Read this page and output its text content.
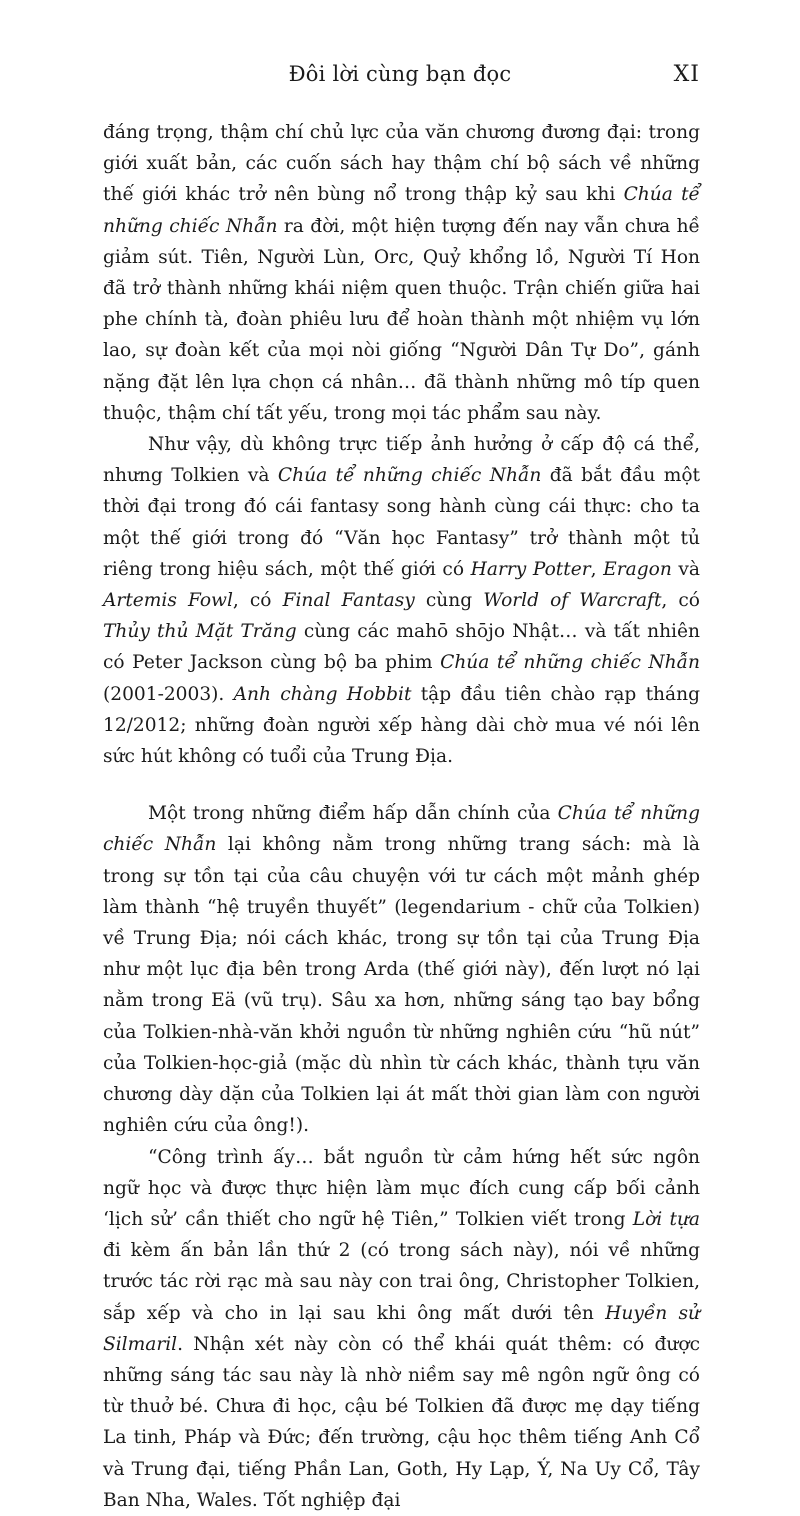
Đôi lời cùng bạn đọc	XI

đáng trọng, thậm chí chủ lực của văn chương đương đại: trong giới xuất bản, các cuốn sách hay thậm chí bộ sách về những thế giới khác trở nên bùng nổ trong thập kỷ sau khi Chúa tể những chiếc Nhẫn ra đời, một hiện tượng đến nay vẫn chưa hề giảm sút. Tiên, Người Lùn, Orc, Quỷ khổng lồ, Người Tí Hon đã trở thành những khái niệm quen thuộc. Trận chiến giữa hai phe chính tà, đoàn phiêu lưu để hoàn thành một nhiệm vụ lớn lao, sự đoàn kết của mọi nòi giống “Người Dân Tự Do”, gánh nặng đặt lên lựa chọn cá nhân… đã thành những mô típ quen thuộc, thậm chí tất yếu, trong mọi tác phẩm sau này.

Như vậy, dù không trực tiếp ảnh hưởng ở cấp độ cá thể, nhưng Tolkien và Chúa tể những chiếc Nhẫn đã bắt đầu một thời đại trong đó cái fantasy song hành cùng cái thực: cho ta một thế giới trong đó “Văn học Fantasy” trở thành một tủ riêng trong hiệu sách, một thế giới có Harry Potter, Eragon và Artemis Fowl, có Final Fantasy cùng World of Warcraft, có Thủy thủ Mặt Trăng cùng các mahō shōjo Nhật… và tất nhiên có Peter Jackson cùng bộ ba phim Chúa tể những chiếc Nhẫn (2001-2003). Anh chàng Hobbit tập đầu tiên chào rạp tháng 12/2012; những đoàn người xếp hàng dài chờ mua vé nói lên sức hút không có tuổi của Trung Địa.

Một trong những điểm hấp dẫn chính của Chúa tể những chiếc Nhẫn lại không nằm trong những trang sách: mà là trong sự tồn tại của câu chuyện với tư cách một mảnh ghép làm thành “hệ truyền thuyết” (legendarium - chữ của Tolkien) về Trung Địa; nói cách khác, trong sự tồn tại của Trung Địa như một lục địa bên trong Arda (thế giới này), đến lượt nó lại nằm trong Eä (vũ trụ). Sâu xa hơn, những sáng tạo bay bổng của Tolkien-nhà-văn khởi nguồn từ những nghiên cứu “hũ nút” của Tolkien-học-giả (mặc dù nhìn từ cách khác, thành tựu văn chương dày dặn của Tolkien lại át mất thời gian làm con người nghiên cứu của ông!).

“Công trình ấy… bắt nguồn từ cảm hứng hết sức ngôn ngữ học và được thực hiện làm mục đích cung cấp bối cảnh ‘lịch sử’ cần thiết cho ngữ hệ Tiên,” Tolkien viết trong Lời tựa đi kèm ấn bản lần thứ 2 (có trong sách này), nói về những trước tác rời rạc mà sau này con trai ông, Christopher Tolkien, sắp xếp và cho in lại sau khi ông mất dưới tên Huyền sử Silmaril. Nhận xét này còn có thể khái quát thêm: có được những sáng tác sau này là nhờ niềm say mê ngôn ngữ ông có từ thuở bé. Chưa đi học, cậu bé Tolkien đã được mẹ dạy tiếng La tinh, Pháp và Đức; đến trường, cậu học thêm tiếng Anh Cổ và Trung đại, tiếng Phần Lan, Goth, Hy Lạp, Ý, Na Uy Cổ, Tây Ban Nha, Wales. Tốt nghiệp đại
